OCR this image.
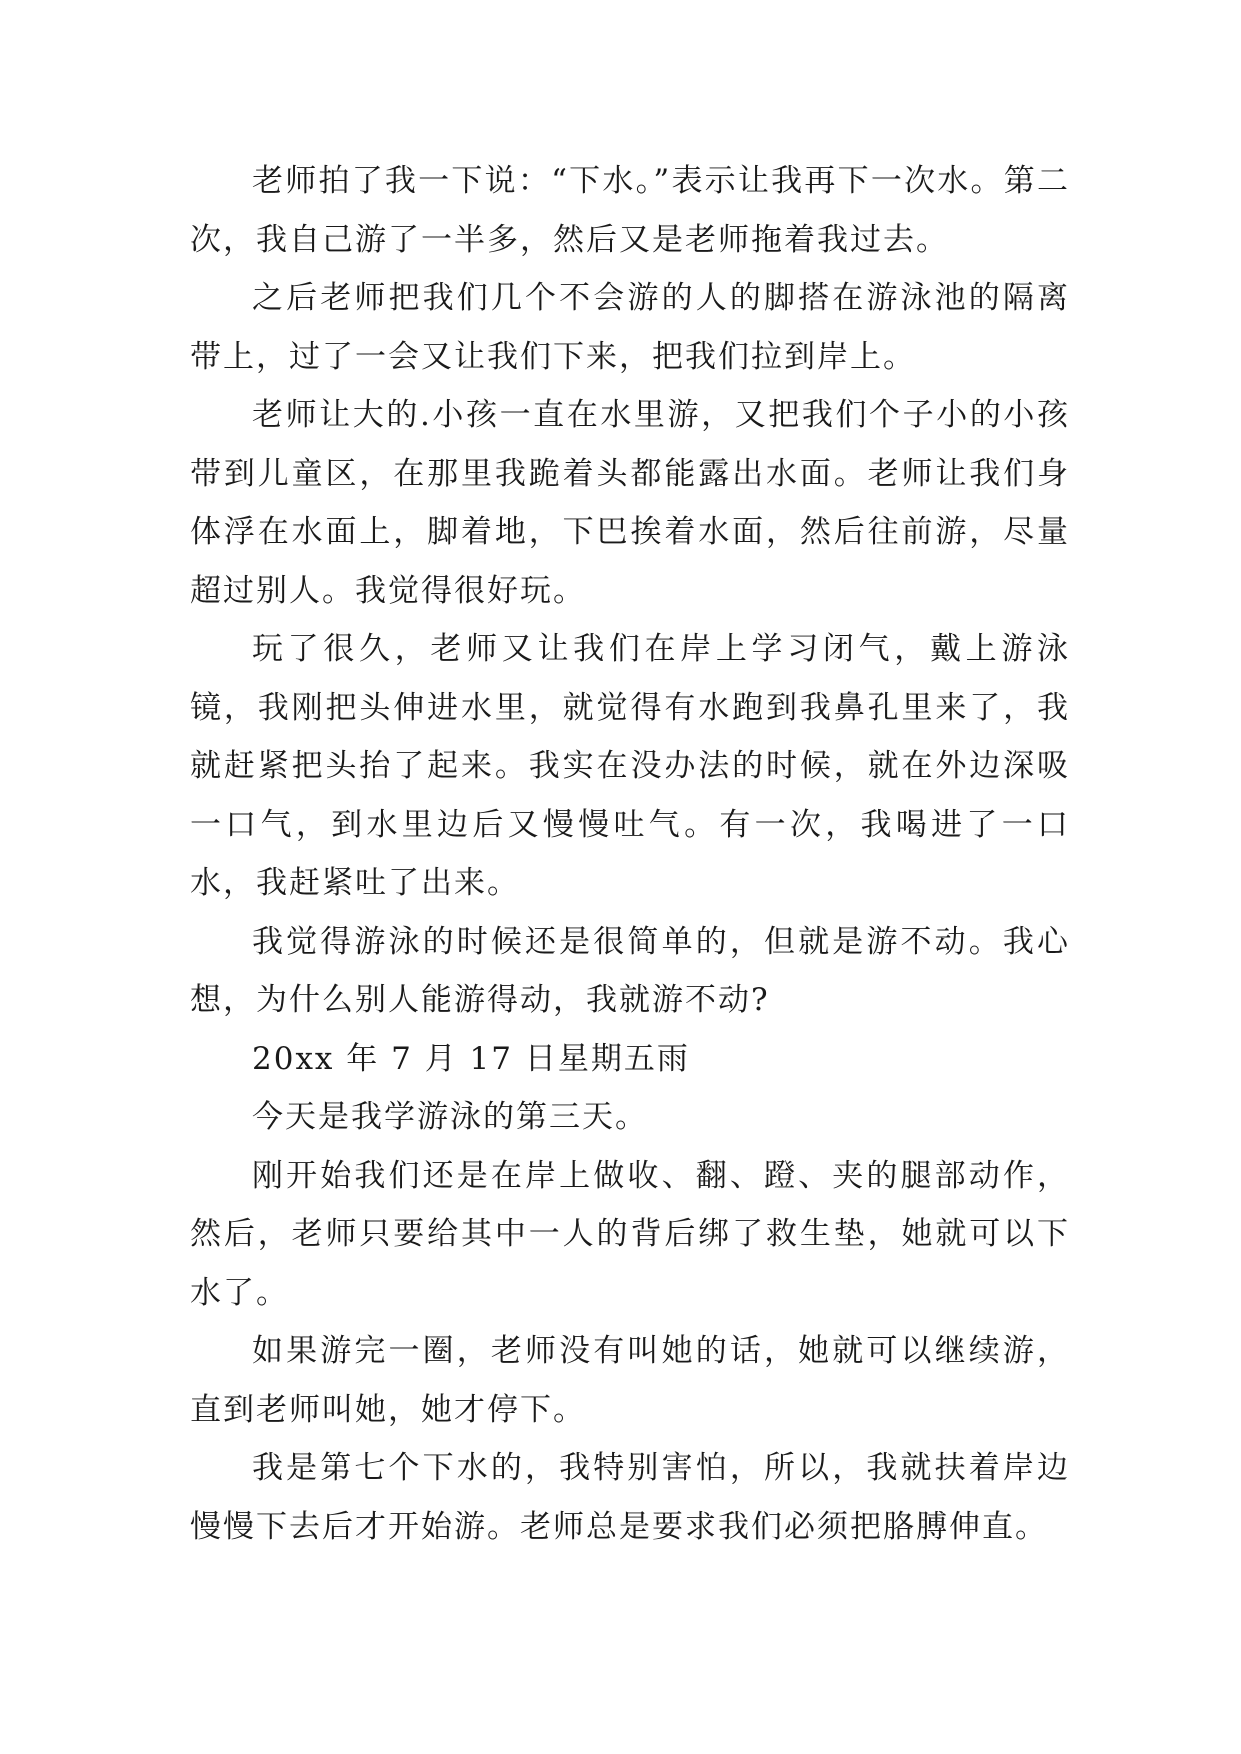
老师拍了我一下说：“下水。”表示让我再下一次水。第二次，我自己游了一半多，然后又是老师拖着我过去。

之后老师把我们几个不会游的人的脚搭在游泳池的隔离带上，过了一会又让我们下来，把我们拉到岸上。

老师让大的.小孩一直在水里游，又把我们个子小的小孩带到儿童区，在那里我跪着头都能露出水面。老师让我们身体浮在水面上，脚着地，下巴挨着水面，然后往前游，尽量超过别人。我觉得很好玩。

玩了很久，老师又让我们在岸上学习闭气，戴上游泳镜，我刚把头伸进水里，就觉得有水跑到我鼻孔里来了，我就赶紧把头抬了起来。我实在没办法的时候，就在外边深吸一口气，到水里边后又慢慢吐气。有一次，我喝进了一口水，我赶紧吐了出来。

我觉得游泳的时候还是很简单的，但就是游不动。我心想，为什么别人能游得动，我就游不动?

20xx 年 7 月 17 日星期五雨

今天是我学游泳的第三天。

刚开始我们还是在岸上做收、翻、蹬、夹的腿部动作，然后，老师只要给其中一人的背后绑了救生垫，她就可以下水了。

如果游完一圈，老师没有叫她的话，她就可以继续游，直到老师叫她，她才停下。

我是第七个下水的，我特别害怕，所以，我就扶着岸边慢慢下去后才开始游。老师总是要求我们必须把胳膊伸直。
